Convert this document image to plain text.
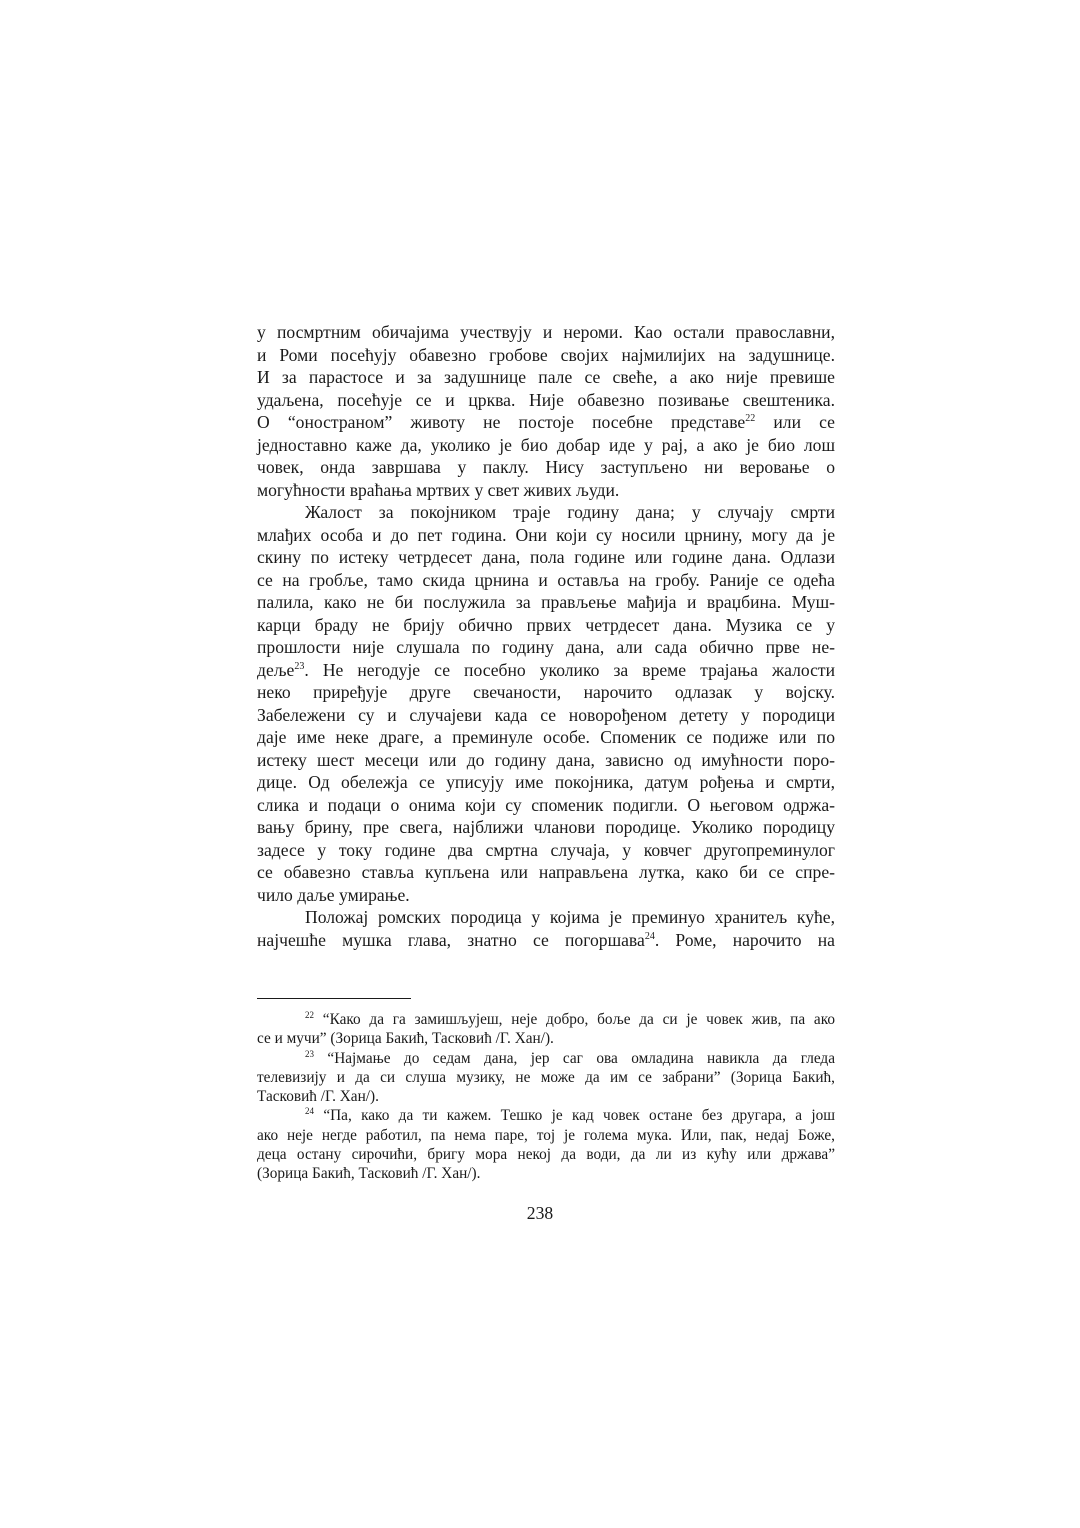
у посмртним обичајима учествују и нероми. Као остали православни,
и Роми посећују обавезно гробове својих најмилијих на задушнице.
И за парастосе и за задушнице пале се свеће, а ако није превише
удаљена, посећује се и црква. Није обавезно позивање свештеника.
О “оностраном” животу не постоје посебне представе$^{22}$ или се
једноставно каже да, уколико је био добар иде у рај, а ако је био лош
човек, онда завршава у паклу. Нису заступљено ни веровање о
могућности враћања мртвих у свет живих људи.
Жалост за покојником траје годину дана; у случају смрти
млађих особа и до пет година. Они који су носили црнину, могу да је
скину по истеку четрдесет дана, пола године или године дана. Одлази
се на гробље, тамо скида црнина и оставља на гробу. Раније се одећа
палила, како не би послужила за прављење мађија и враџбина. Муш-
карци браду не брију обично првих четрдесет дана. Музика се у
прошлости није слушала по годину дана, али сада обично прве не-
деље$^{23}$. Не негодује се посебно уколико за време трајања жалости
неко приређује друге свечаности, нарочито одлазак у војску.
Забележени су и случајеви када се новорођеном детету у породици
даје име неке драге, а преминуле особе. Споменик се подиже или по
истеку шест месеци или до годину дана, зависно од имућности поро-
дице. Од обележја се уписују име покојника, датум рођења и смрти,
слика и подаци о онима који су споменик подигли. О његовом одржа-
вању брину, пре свега, најближи чланови породице. Уколико породицу
задесе у току године два смртна случаја, у ковчег другопреминулог
се обавезно ставља купљена или направљена лутка, како би се спре-
чило даље умирање.
Положај ромских породица у којима је преминуо хранитељ куће,
најчешће мушка глава, знатно се погоршава$^{24}$. Роме, нарочито на
$^{22}$ “Како да га замишљујеш, неје добро, боље да си је човек жив, па ако
се и мучи” (Зорица Бакић, Тасковић /Г. Хан/).
$^{23}$ “Најмање до седам дана, јер саг ова омладина навикла да гледа
телевизију и да си слуша музику, не може да им се забрани” (Зорица Бакић,
Тасковић /Г. Хан/).
$^{24}$ “Па, како да ти кажем. Тешко је кад човек остане без другара, а још
ако неје негде работил, па нема паре, тој је голема мука. Или, пак, недај Боже,
деца остану сирочићи, бригу мора некој да води, да ли из кућу или држава”
(Зорица Бакић, Тасковић /Г. Хан/).
238
